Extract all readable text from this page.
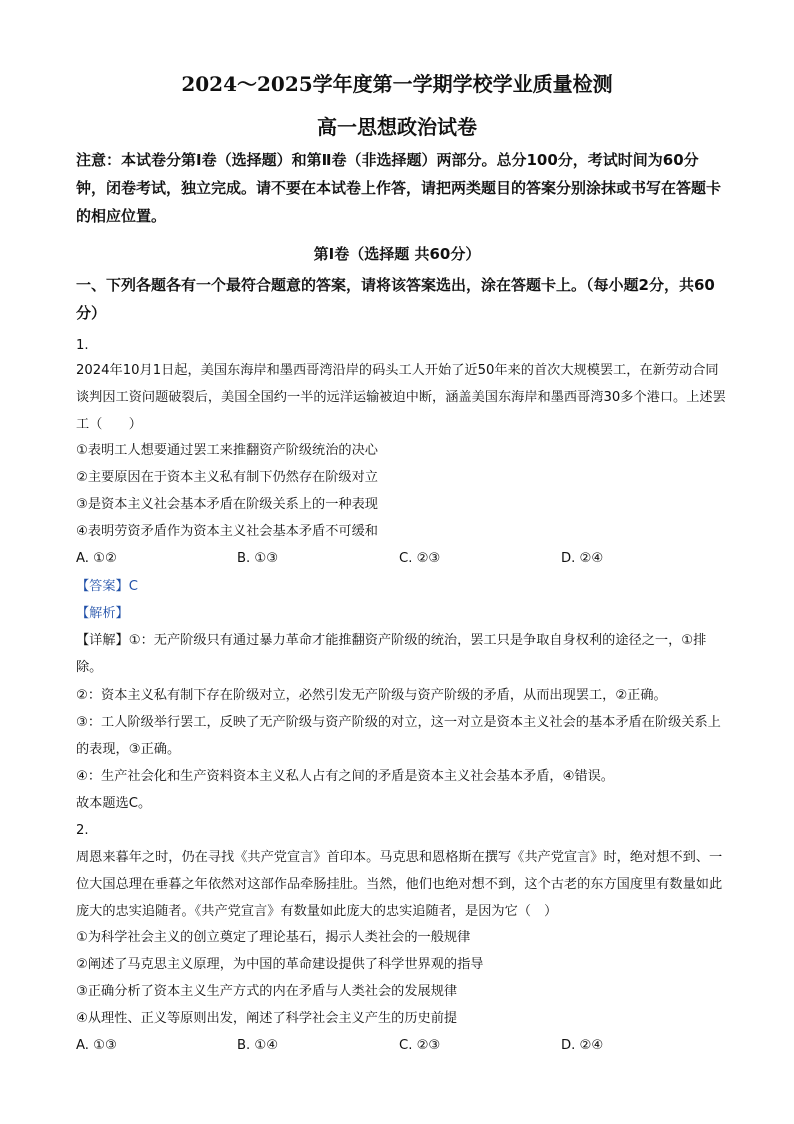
2024～2025学年度第一学期学校学业质量检测
高一思想政治试卷
注意：本试卷分第Ⅰ卷（选择题）和第Ⅱ卷（非选择题）两部分。总分100分，考试时间为60分钟，闭卷考试，独立完成。请不要在本试卷上作答，请把两类题目的答案分别涂抹或书写在答题卡的相应位置。
第Ⅰ卷（选择题 共60分）
一、下列各题各有一个最符合题意的答案，请将该答案选出，涂在答题卡上。（每小题2分，共60分）
1.
2024年10月1日起，美国东海岸和墨西哥湾沿岸的码头工人开始了近50年来的首次大规模罢工，在新劳动合同谈判因工资问题破裂后，美国全国约一半的远洋运输被迫中断，涵盖美国东海岸和墨西哥湾30多个港口。上述罢工（　　）
①表明工人想要通过罢工来推翻资产阶级统治的决心
②主要原因在于资本主义私有制下仍然存在阶级对立
③是资本主义社会基本矛盾在阶级关系上的一种表现
④表明劳资矛盾作为资本主义社会基本矛盾不可缓和
A. ①②	B. ①③	C. ②③	D. ②④
【答案】C
【解析】
【详解】①：无产阶级只有通过暴力革命才能推翻资产阶级的统治，罢工只是争取自身权利的途径之一，①排除。
②：资本主义私有制下存在阶级对立，必然引发无产阶级与资产阶级的矛盾，从而出现罢工，②正确。
③：工人阶级举行罢工，反映了无产阶级与资产阶级的对立，这一对立是资本主义社会的基本矛盾在阶级关系上的表现，③正确。
④：生产社会化和生产资料资本主义私人占有之间的矛盾是资本主义社会基本矛盾，④错误。
故本题选C。
2.
周恩来暮年之时，仍在寻找《共产党宣言》首印本。马克思和恩格斯在撰写《共产党宣言》时，绝对想不到、一位大国总理在垂暮之年依然对这部作品牵肠挂肚。当然，他们也绝对想不到，这个古老的东方国度里有数量如此庞大的忠实追随者。《共产党宣言》有数量如此庞大的忠实追随者，是因为它（　）
①为科学社会主义的创立奠定了理论基石，揭示人类社会的一般规律
②阐述了马克思主义原理，为中国的革命建设提供了科学世界观的指导
③正确分析了资本主义生产方式的内在矛盾与人类社会的发展规律
④从理性、正义等原则出发，阐述了科学社会主义产生的历史前提
A. ①③	B. ①④	C. ②③	D. ②④
